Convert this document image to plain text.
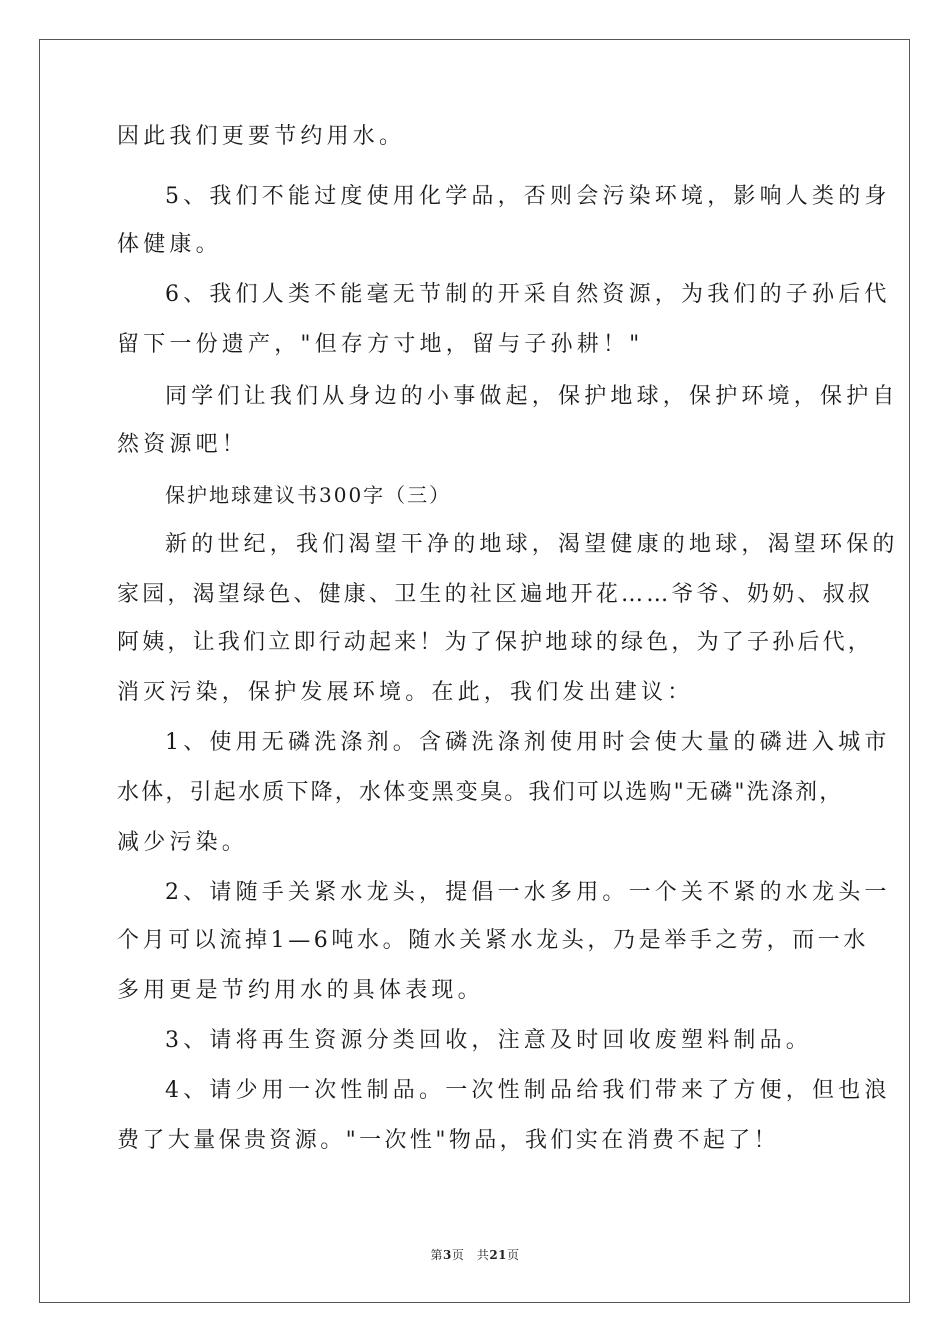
因此我们更要节约用水。
5、我们不能过度使用化学品，否则会污染环境，影响人类的身
体健康。
6、我们人类不能毫无节制的开采自然资源，为我们的子孙后代
留下一份遗产，"但存方寸地，留与子孙耕！"
同学们让我们从身边的小事做起，保护地球，保护环境，保护自
然资源吧！
保护地球建议书300字（三）
新的世纪，我们渴望干净的地球，渴望健康的地球，渴望环保的
家园，渴望绿色、健康、卫生的社区遍地开花……爷爷、奶奶、叔叔
阿姨，让我们立即行动起来！为了保护地球的绿色，为了子孙后代，
消灭污染，保护发展环境。在此，我们发出建议：
1、使用无磷洗涤剂。含磷洗涤剂使用时会使大量的磷进入城市
水体，引起水质下降，水体变黑变臭。我们可以选购"无磷"洗涤剂，
减少污染。
2、请随手关紧水龙头，提倡一水多用。一个关不紧的水龙头一
个月可以流掉1—6吨水。随水关紧水龙头，乃是举手之劳，而一水
多用更是节约用水的具体表现。
3、请将再生资源分类回收，注意及时回收废塑料制品。
4、请少用一次性制品。一次性制品给我们带来了方便，但也浪
费了大量保贵资源。"一次性"物品，我们实在消费不起了！
第3页　共21页
